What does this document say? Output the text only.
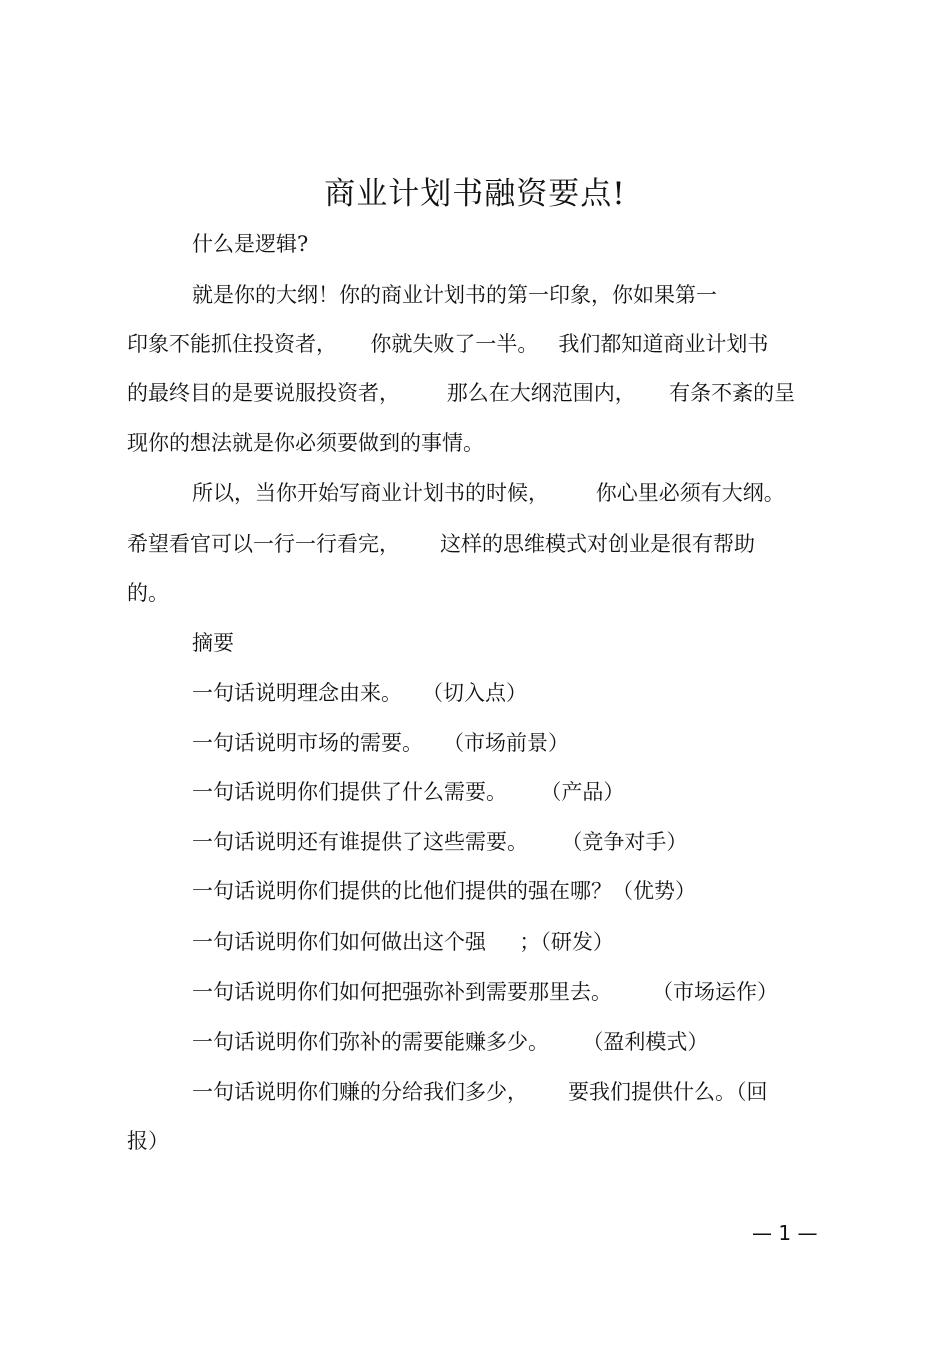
商业计划书融资要点!
什么是逻辑?
就是你的大纲！你的商业计划书的第一印象，你如果第一
印象不能抓住投资者，     你就失败了一半。   我们都知道商业计划书
的最终目的是要说服投资者，       那么在大纲范围内，     有条不紊的呈
现你的想法就是你必须要做到的事情。
所以，当你开始写商业计划书的时候，       你心里必须有大纲。
希望看官可以一行一行看完，      这样的思维模式对创业是很有帮助
的。
摘要
一句话说明理念由来。   （切入点）
一句话说明市场的需要。   （市场前景）
一句话说明你们提供了什么需要。     （产品）
一句话说明还有谁提供了这些需要。     （竞争对手）
一句话说明你们提供的比他们提供的强在哪？（优势）
一句话说明你们如何做出这个强     ；（研发）
一句话说明你们如何把强弥补到需要那里去。      （市场运作）
一句话说明你们弥补的需要能赚多少。     （盈利模式）
一句话说明你们赚的分给我们多少，      要我们提供什么。（回
报）
— 1 —
